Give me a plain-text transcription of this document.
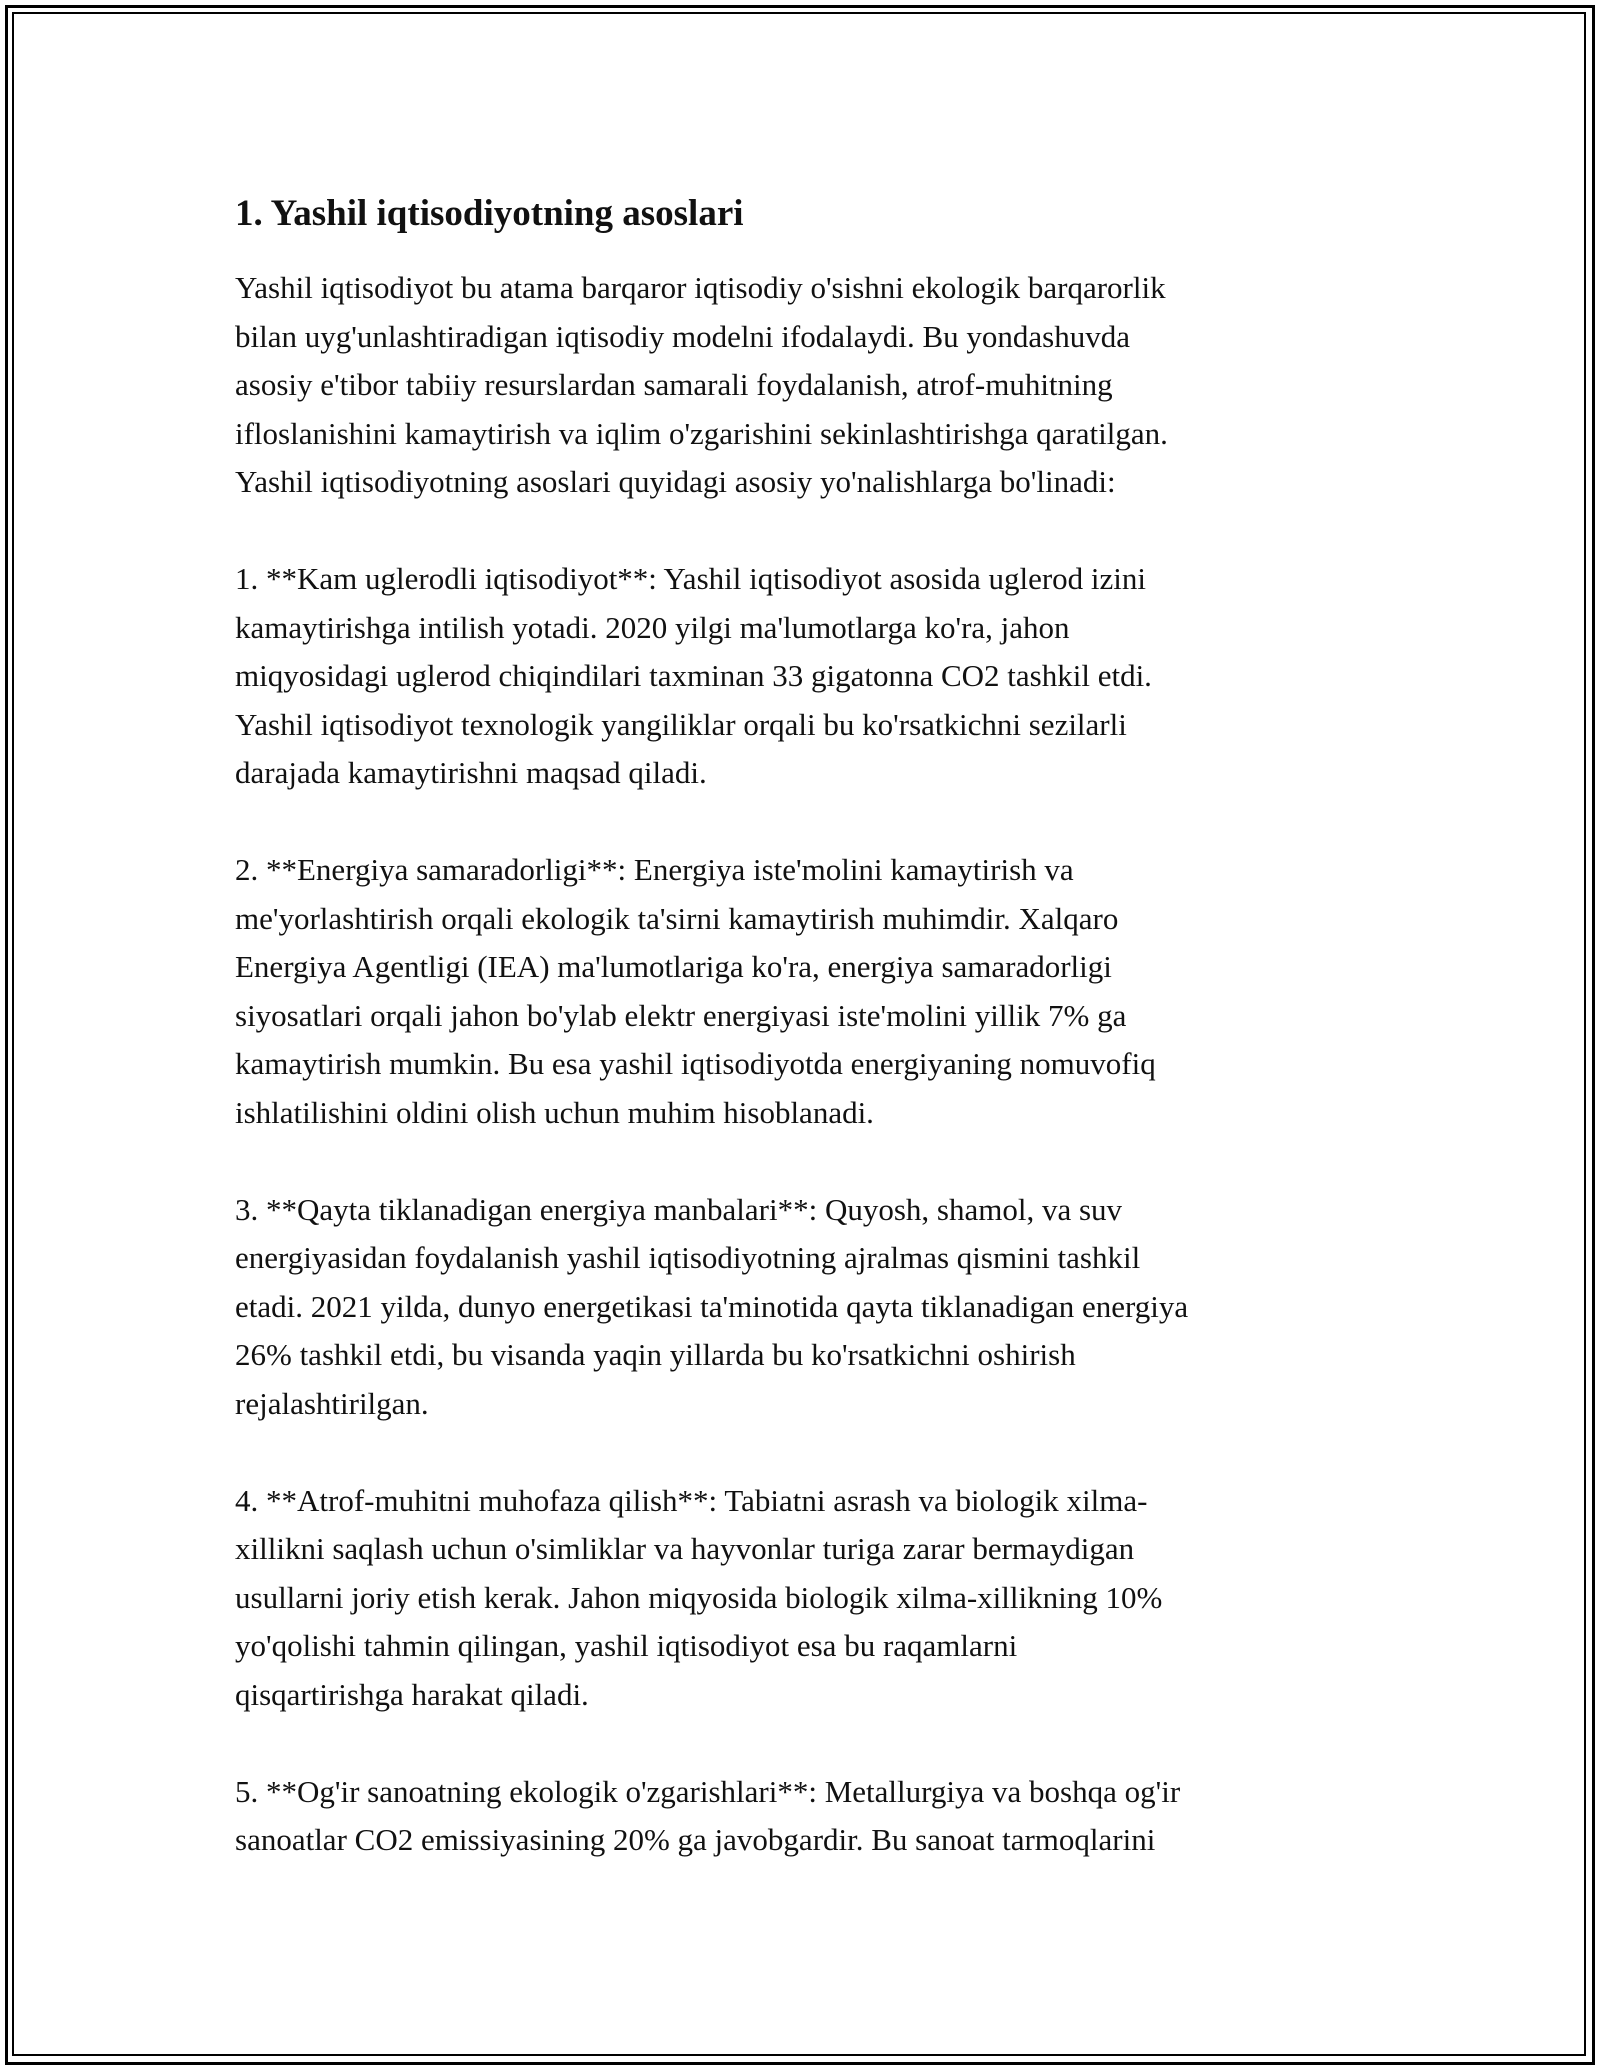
1. Yashil iqtisodiyotning asoslari
Yashil iqtisodiyot bu atama barqaror iqtisodiy o'sishni ekologik barqarorlik
bilan uyg'unlashtiradigan iqtisodiy modelni ifodalaydi. Bu yondashuvda
asosiy e'tibor tabiiy resurslardan samarali foydalanish, atrof-muhitning
ifloslanishini kamaytirish va iqlim o'zgarishini sekinlashtirishga qaratilgan.
Yashil iqtisodiyotning asoslari quyidagi asosiy yo'nalishlarga bo'linadi:
1. **Kam uglerodli iqtisodiyot**: Yashil iqtisodiyot asosida uglerod izini
kamaytirishga intilish yotadi. 2020 yilgi ma'lumotlarga ko'ra, jahon
miqyosidagi uglerod chiqindilari taxminan 33 gigatonna CO2 tashkil etdi.
Yashil iqtisodiyot texnologik yangiliklar orqali bu ko'rsatkichni sezilarli
darajada kamaytirishni maqsad qiladi.
2. **Energiya samaradorligi**: Energiya iste'molini kamaytirish va
me'yorlashtirish orqali ekologik ta'sirni kamaytirish muhimdir. Xalqaro
Energiya Agentligi (IEA) ma'lumotlariga ko'ra, energiya samaradorligi
siyosatlari orqali jahon bo'ylab elektr energiyasi iste'molini yillik 7% ga
kamaytirish mumkin. Bu esa yashil iqtisodiyotda energiyaning nomuvofiq
ishlatilishini oldini olish uchun muhim hisoblanadi.
3. **Qayta tiklanadigan energiya manbalari**: Quyosh, shamol, va suv
energiyasidan foydalanish yashil iqtisodiyotning ajralmas qismini tashkil
etadi. 2021 yilda, dunyo energetikasi ta'minotida qayta tiklanadigan energiya
26% tashkil etdi, bu visanda yaqin yillarda bu ko'rsatkichni oshirish
rejalashtirilgan.
4. **Atrof-muhitni muhofaza qilish**: Tabiatni asrash va biologik xilma-
xillikni saqlash uchun o'simliklar va hayvonlar turiga zarar bermaydigan
usullarni joriy etish kerak. Jahon miqyosida biologik xilma-xillikning 10%
yo'qolishi tahmin qilingan, yashil iqtisodiyot esa bu raqamlarni
qisqartirishga harakat qiladi.
5. **Og'ir sanoatning ekologik o'zgarishlari**: Metallurgiya va boshqa og'ir
sanoatlar CO2 emissiyasining 20% ga javobgardir. Bu sanoat tarmoqlarini
